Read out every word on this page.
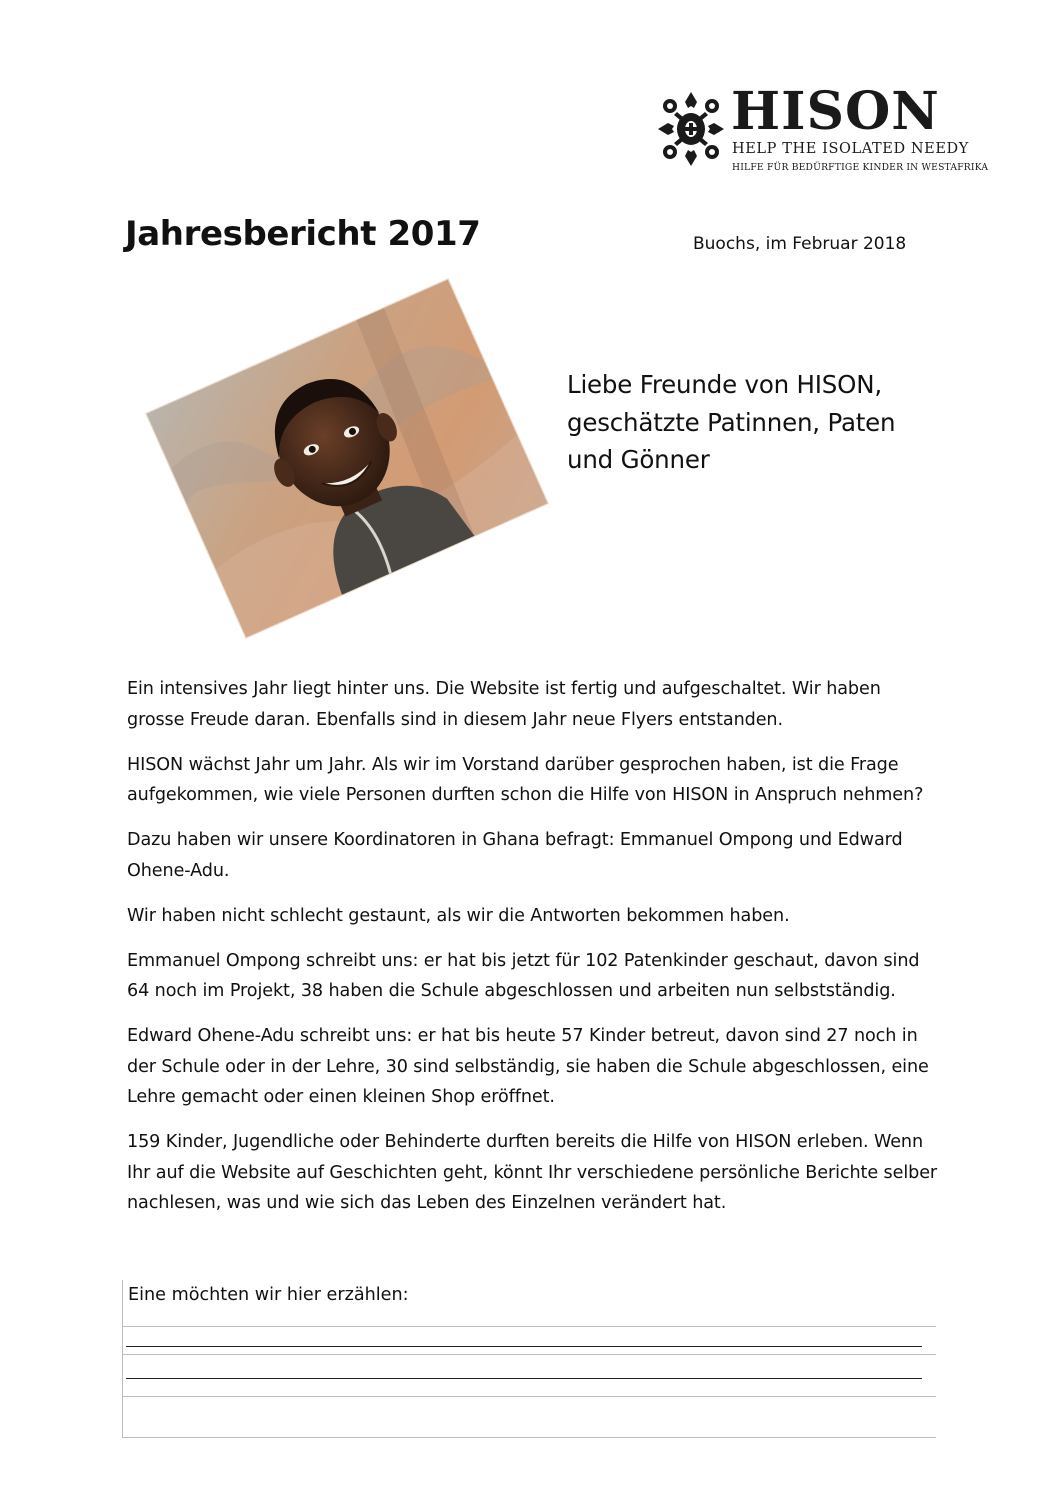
HISON
HELP THE ISOLATED NEEDY
HILFE FÜR BEDÜRFTIGE KINDER IN WESTAFRIKA
Jahresbericht 2017	Buochs, im Februar 2018
Liebe Freunde von HISON,
geschätzte Patinnen, Paten
und Gönner

Ein intensives Jahr liegt hinter uns. Die Website ist fertig und aufgeschaltet. Wir haben grosse Freude daran. Ebenfalls sind in diesem Jahr neue Flyers entstanden.

HISON wächst Jahr um Jahr. Als wir im Vorstand darüber gesprochen haben, ist die Frage aufgekommen, wie viele Personen durften schon die Hilfe von HISON in Anspruch nehmen?

Dazu haben wir unsere Koordinatoren in Ghana befragt: Emmanuel Ompong und Edward Ohene-Adu.

Wir haben nicht schlecht gestaunt, als wir die Antworten bekommen haben.

Emmanuel Ompong schreibt uns: er hat bis jetzt für 102 Patenkinder geschaut, davon sind 64 noch im Projekt, 38 haben die Schule abgeschlossen und arbeiten nun selbstständig.

Edward Ohene-Adu schreibt uns: er hat bis heute 57 Kinder betreut, davon sind 27 noch in der Schule oder in der Lehre, 30 sind selbständig, sie haben die Schule abgeschlossen, eine Lehre gemacht oder einen kleinen Shop eröffnet.

159 Kinder, Jugendliche oder Behinderte durften bereits die Hilfe von HISON erleben. Wenn Ihr auf die Website auf Geschichten geht, könnt Ihr verschiedene persönliche Berichte selber nachlesen, was und wie sich das Leben des Einzelnen verändert hat.

Eine möchten wir hier erzählen:
